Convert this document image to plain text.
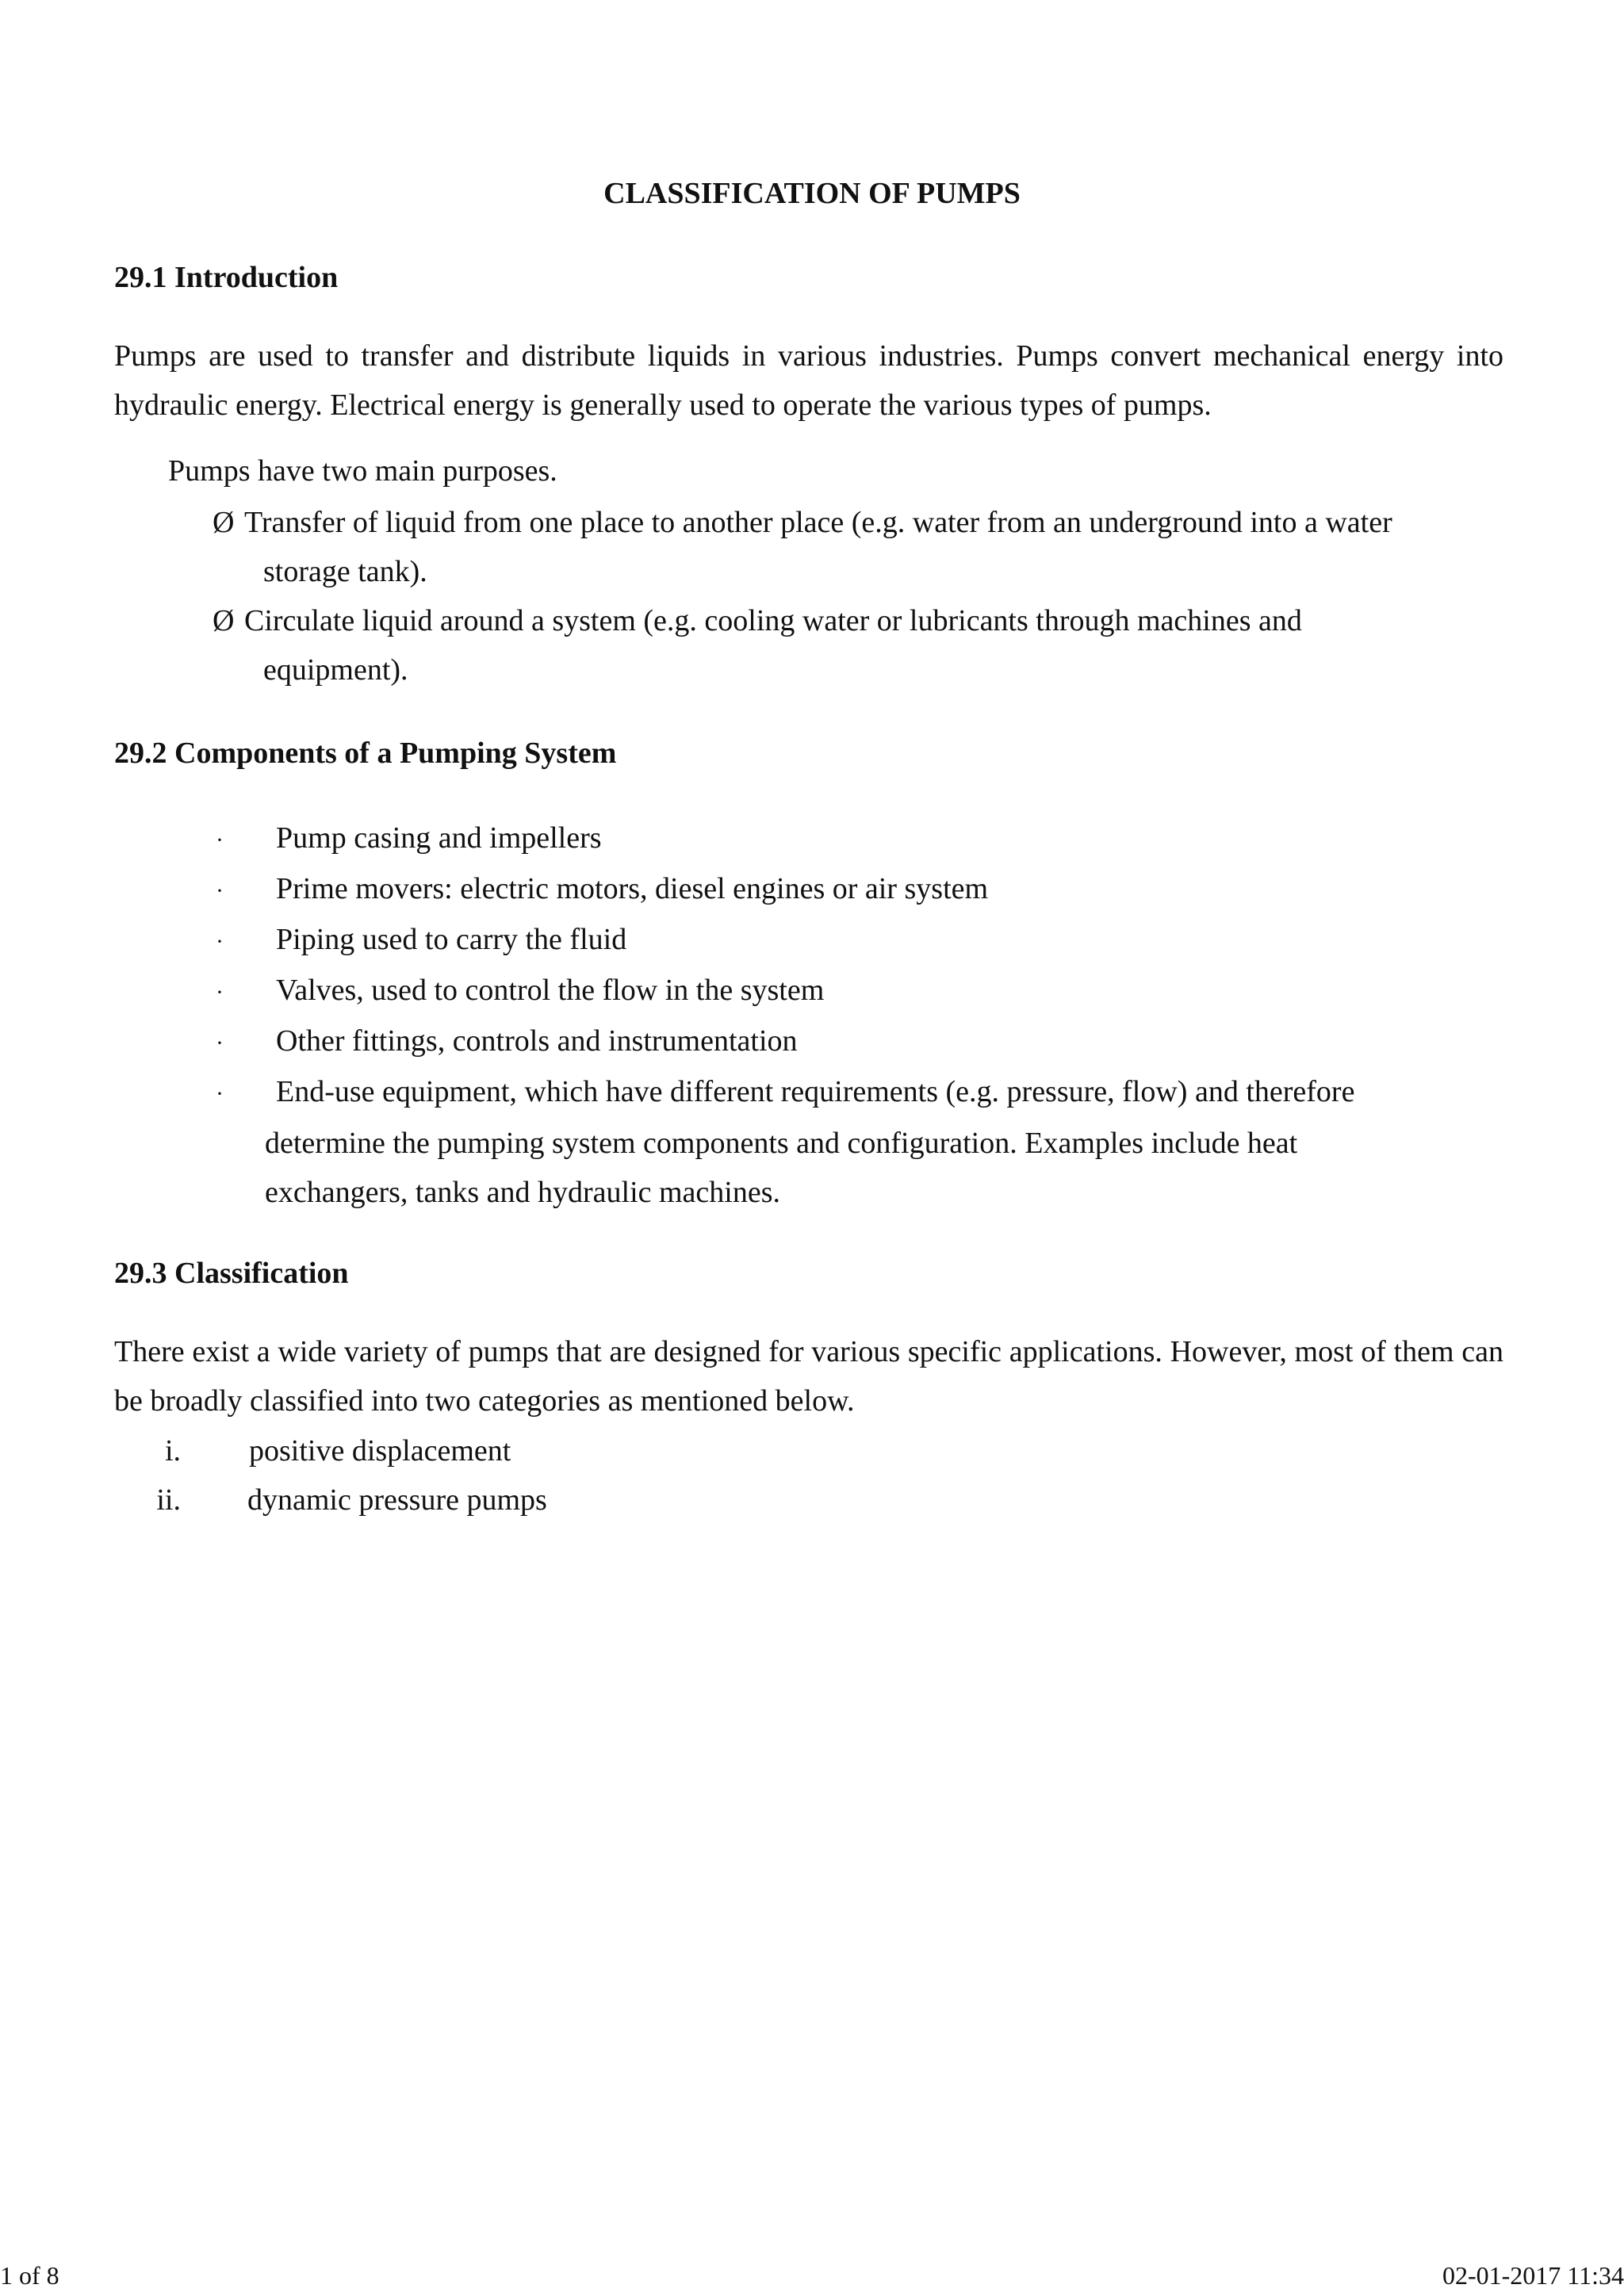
CLASSIFICATION OF PUMPS
29.1 Introduction

Pumps are used to transfer and distribute liquids in various industries. Pumps convert mechanical energy into hydraulic energy. Electrical energy is generally used to operate the various types of pumps.

Pumps have two main purposes.

Ø Transfer of liquid from one place to another place (e.g. water from an underground into a water
storage tank).
Ø Circulate liquid around a system (e.g. cooling water or lubricants through machines and
equipment).
29.2 Components of a Pumping System
· Pump casing and impellers
· Prime movers: electric motors, diesel engines or air system
· Piping used to carry the fluid
· Valves, used to control the flow in the system
· Other fittings, controls and instrumentation
· End-use equipment, which have different requirements (e.g. pressure, flow) and therefore
determine the pumping system components and configuration. Examples include heat
exchangers, tanks and hydraulic machines.
29.3 Classification

There exist a wide variety of pumps that are designed for various specific applications. However, most of them can be broadly classified into two categories as mentioned below.

i. positive displacement
ii. dynamic pressure pumps
1 of 8	02-01-2017 11:34
